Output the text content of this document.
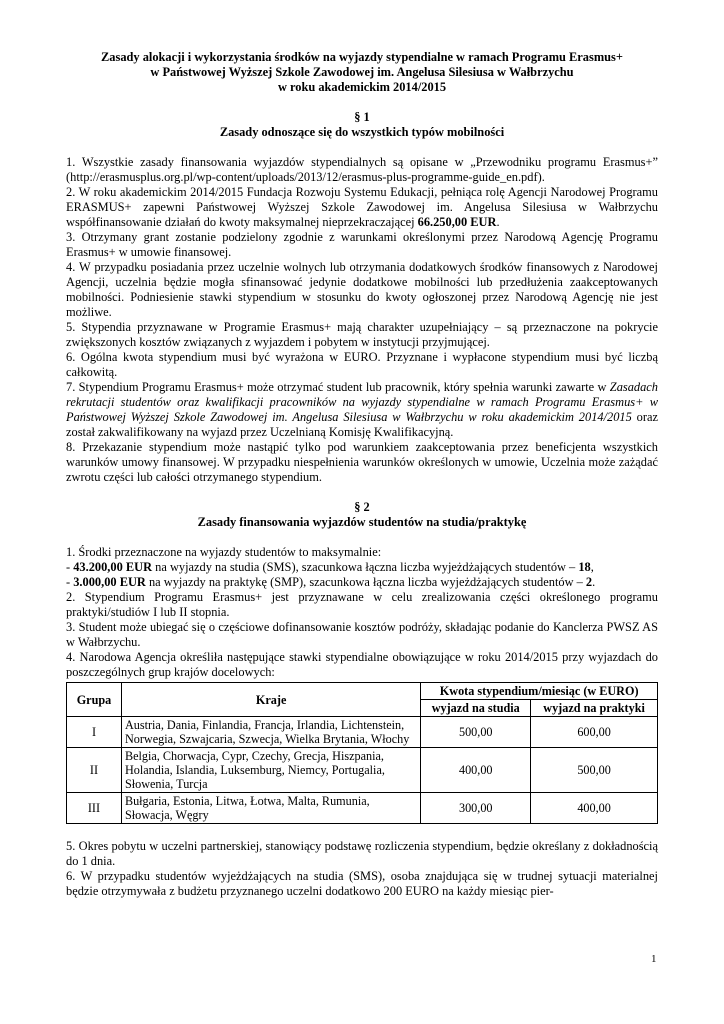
Zasady alokacji i wykorzystania środków na wyjazdy stypendialne w ramach Programu Erasmus+

w Państwowej Wyższej Szkole Zawodowej im. Angelusa Silesiusa w Wałbrzychu

w roku akademickim 2014/2015

§ 1

Zasady odnoszące się do wszystkich typów mobilności

1. Wszystkie zasady finansowania wyjazdów stypendialnych są opisane w „Przewodniku programu Erasmus+” (http://erasmusplus.org.pl/wp-content/uploads/2013/12/erasmus-plus-programme-guide_en.pdf).

2. W roku akademickim 2014/2015 Fundacja Rozwoju Systemu Edukacji, pełniąca rolę Agencji Narodowej Programu ERASMUS+ zapewni Państwowej Wyższej Szkole Zawodowej im. Angelusa Silesiusa w Wałbrzychu współfinansowanie działań do kwoty maksymalnej nieprzekraczającej 66.250,00 EUR.

3. Otrzymany grant zostanie podzielony zgodnie z warunkami określonymi przez Narodową Agencję Programu Erasmus+ w umowie finansowej.

4. W przypadku posiadania przez uczelnie wolnych lub otrzymania dodatkowych środków finansowych z Narodowej Agencji, uczelnia będzie mogła sfinansować jedynie dodatkowe mobilności lub przedłużenia zaakceptowanych mobilności. Podniesienie stawki stypendium w stosunku do kwoty ogłoszonej przez Narodową Agencję nie jest możliwe.

5. Stypendia przyznawane w Programie Erasmus+ mają charakter uzupełniający – są przeznaczone na pokrycie zwiększonych kosztów związanych z wyjazdem i pobytem w instytucji przyjmującej.

6. Ogólna kwota stypendium musi być wyrażona w EURO. Przyznane i wypłacone stypendium musi być liczbą całkowitą.

7. Stypendium Programu Erasmus+ może otrzymać student lub pracownik, który spełnia warunki zawarte w Zasadach rekrutacji studentów oraz kwalifikacji pracowników na wyjazdy stypendialne w ramach Programu Erasmus+ w Państwowej Wyższej Szkole Zawodowej im. Angelusa Silesiusa w Wałbrzychu w roku akademickim 2014/2015 oraz został zakwalifikowany na wyjazd przez Uczelnianą Komisję Kwalifikacyjną.

8. Przekazanie stypendium może nastąpić tylko pod warunkiem zaakceptowania przez beneficjenta wszystkich warunków umowy finansowej. W przypadku niespełnienia warunków określonych w umowie, Uczelnia może zażądać zwrotu części lub całości otrzymanego stypendium.

§ 2

Zasady finansowania wyjazdów studentów na studia/praktykę

1. Środki przeznaczone na wyjazdy studentów to maksymalnie:

- 43.200,00 EUR na wyjazdy na studia (SMS), szacunkowa łączna liczba wyjeżdżających studentów – 18,

- 3.000,00 EUR na wyjazdy na praktykę (SMP), szacunkowa łączna liczba wyjeżdżających studentów – 2.

2. Stypendium Programu Erasmus+ jest przyznawane w celu zrealizowania części określonego programu praktyki/studiów I lub II stopnia.

3. Student może ubiegać się o częściowe dofinansowanie kosztów podróży, składając podanie do Kanclerza PWSZ AS w Wałbrzychu.

4. Narodowa Agencja określiła następujące stawki stypendialne obowiązujące w roku 2014/2015 przy wyjazdach do poszczególnych grup krajów docelowych:

Grupa	Kraje	Kwota stypendium/miesiąc (w EURO)	
		wyjazd na studia	wyjazd na praktyki
I	Austria, Dania, Finlandia, Francja, Irlandia, Lichtenstein, Norwegia, Szwajcaria, Szwecja, Wielka Brytania, Włochy	500,00	600,00
II	Belgia, Chorwacja, Cypr, Czechy, Grecja, Hiszpania, Holandia, Islandia, Luksemburg, Niemcy, Portugalia, Słowenia, Turcja	400,00	500,00
III	Bułgaria, Estonia, Litwa, Łotwa, Malta, Rumunia, Słowacja, Węgry	300,00	400,00

5. Okres pobytu w uczelni partnerskiej, stanowiący podstawę rozliczenia stypendium, będzie określany z dokładnością do 1 dnia.

6. W przypadku studentów wyjeżdżających na studia (SMS), osoba znajdująca się w trudnej sytuacji materialnej będzie otrzymywała z budżetu przyznanego uczelni dodatkowo 200 EURO na każdy miesiąc pier-

1
